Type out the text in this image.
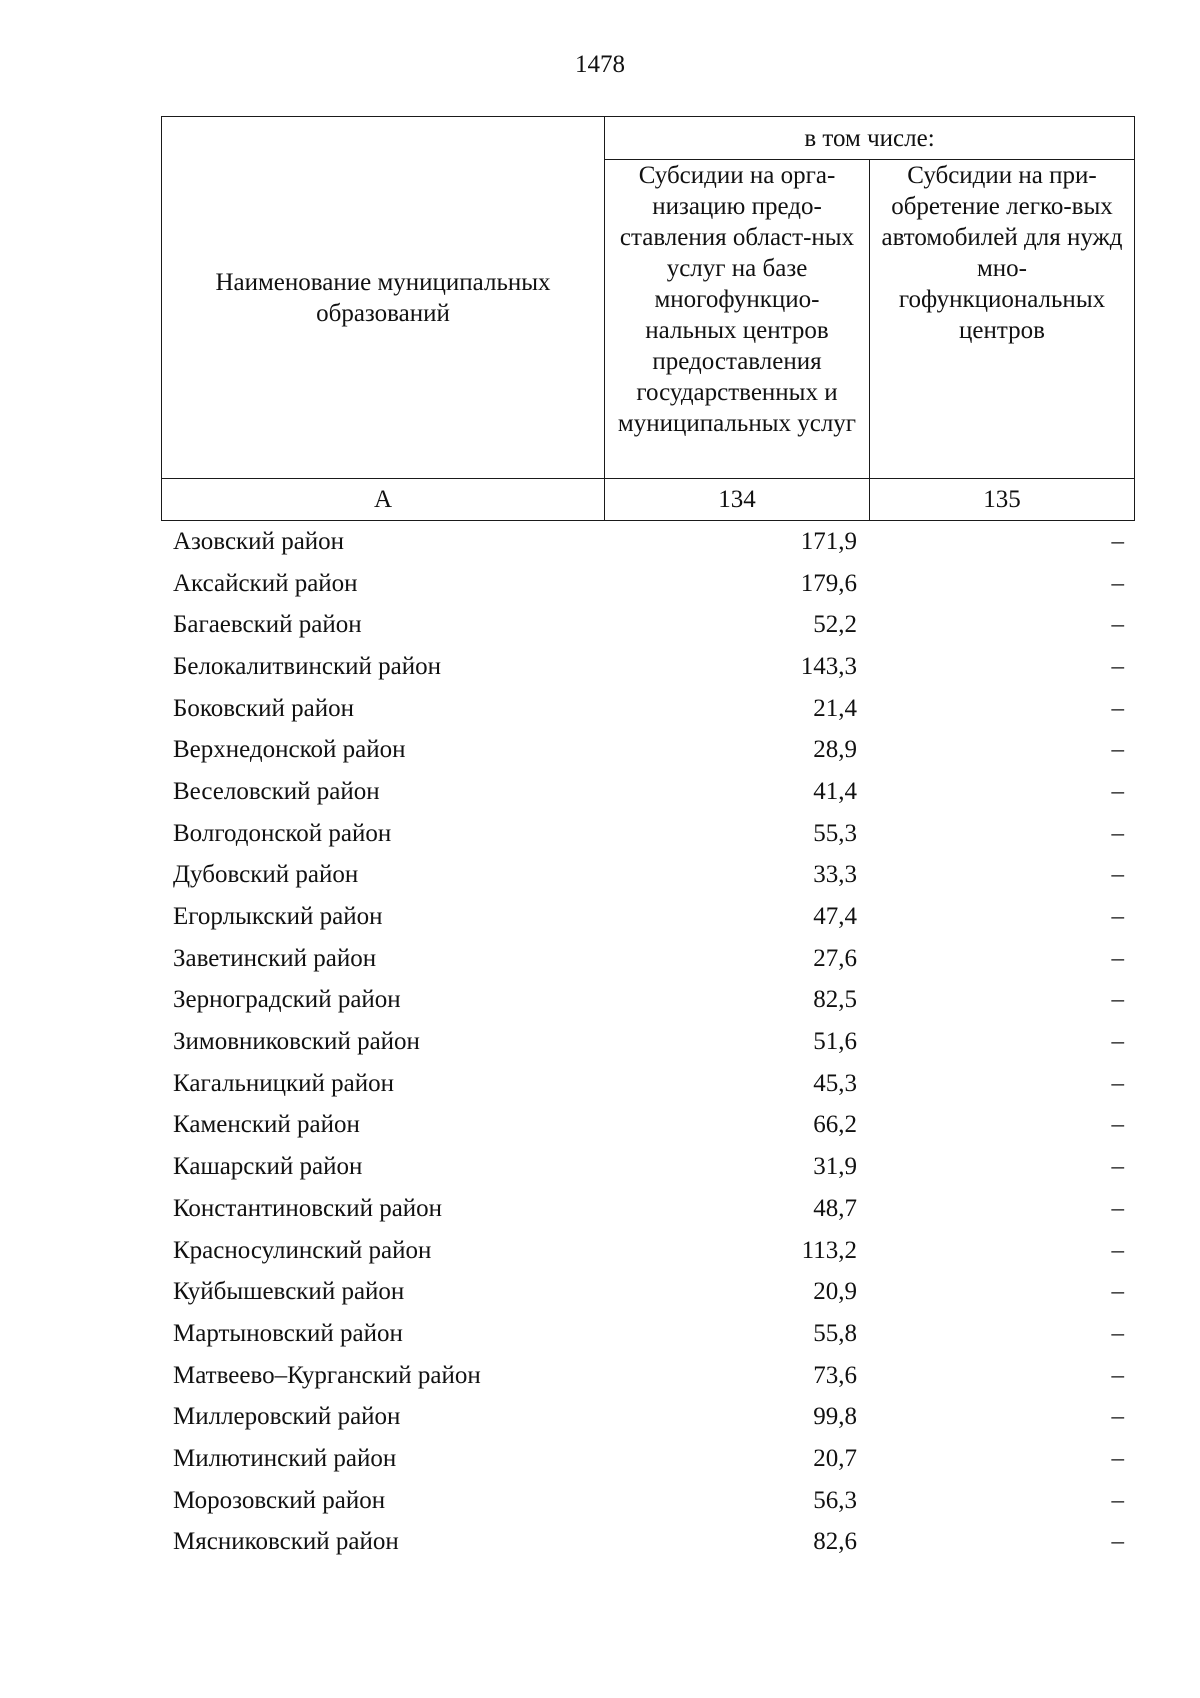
1478
Наименование муниципальных образований	в том числе:	
	Субсидии на орга-низацию предо-ставления област-ных услуг на базе многофункцио-нальных центров предоставления государственных и муниципальных услуг	Субсидии на при-обретение легко-вых автомобилей для нужд мно-гофункциональных центров
А	134	135
Азовский район	171,9	–
Аксайский район	179,6	–
Багаевский район	52,2	–
Белокалитвинский район	143,3	–
Боковский район	21,4	–
Верхнедонской район	28,9	–
Веселовский район	41,4	–
Волгодонской район	55,3	–
Дубовский район	33,3	–
Егорлыкский район	47,4	–
Заветинский район	27,6	–
Зерноградский район	82,5	–
Зимовниковский район	51,6	–
Кагальницкий район	45,3	–
Каменский район	66,2	–
Кашарский район	31,9	–
Константиновский район	48,7	–
Красносулинский район	113,2	–
Куйбышевский район	20,9	–
Мартыновский район	55,8	–
Матвеево–Курганский район	73,6	–
Миллеровский район	99,8	–
Милютинский район	20,7	–
Морозовский район	56,3	–
Мясниковский район	82,6	–
